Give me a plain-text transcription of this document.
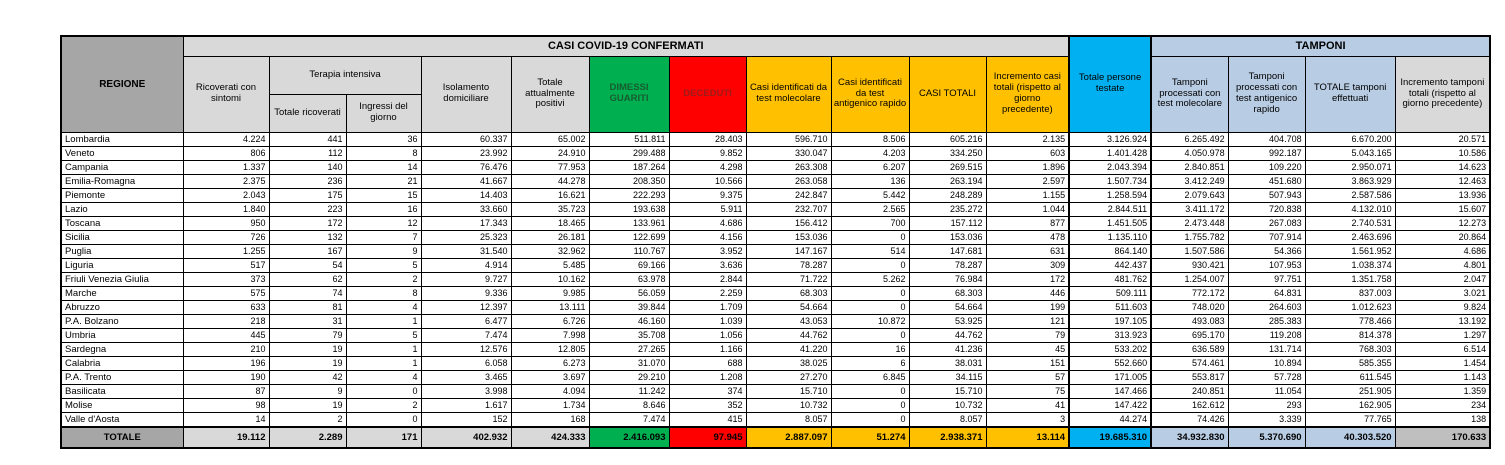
REGIONE	CASI COVID-19 CONFERMATI											Totale persone testate	TAMPONI			
	Ricoverati con sintomi	Terapia intensiva		Isolamento domiciliare	Totale attualmente positivi	DIMESSI GUARITI	DECEDUTI	Casi identificati da test molecolare	Casi identificati da test antigenico rapido	CASI TOTALI	Incremento casi totali (rispetto al giorno precedente)		Tamponi processati con test molecolare	Tamponi processati con test antigenico rapido	TOTALE tamponi effettuati	Incremento tamponi totali (rispetto al giorno precedente)
		Totale ricoverati	Ingressi del giorno													
Lombardia	4.224	441	36	60.337	65.002	511.811	28.403	596.710	8.506	605.216	2.135	3.126.924	6.265.492	404.708	6.670.200	20.571
Veneto	806	112	8	23.992	24.910	299.488	9.852	330.047	4.203	334.250	603	1.401.428	4.050.978	992.187	5.043.165	10.586
Campania	1.337	140	14	76.476	77.953	187.264	4.298	263.308	6.207	269.515	1.896	2.043.394	2.840.851	109.220	2.950.071	14.623
Emilia-Romagna	2.375	236	21	41.667	44.278	208.350	10.566	263.058	136	263.194	2.597	1.507.734	3.412.249	451.680	3.863.929	12.463
Piemonte	2.043	175	15	14.403	16.621	222.293	9.375	242.847	5.442	248.289	1.155	1.258.594	2.079.643	507.943	2.587.586	13.936
Lazio	1.840	223	16	33.660	35.723	193.638	5.911	232.707	2.565	235.272	1.044	2.844.511	3.411.172	720.838	4.132.010	15.607
Toscana	950	172	12	17.343	18.465	133.961	4.686	156.412	700	157.112	877	1.451.505	2.473.448	267.083	2.740.531	12.273
Sicilia	726	132	7	25.323	26.181	122.699	4.156	153.036	0	153.036	478	1.135.110	1.755.782	707.914	2.463.696	20.864
Puglia	1.255	167	9	31.540	32.962	110.767	3.952	147.167	514	147.681	631	864.140	1.507.586	54.366	1.561.952	4.686
Liguria	517	54	5	4.914	5.485	69.166	3.636	78.287	0	78.287	309	442.437	930.421	107.953	1.038.374	4.801
Friuli Venezia Giulia	373	62	2	9.727	10.162	63.978	2.844	71.722	5.262	76.984	172	481.762	1.254.007	97.751	1.351.758	2.047
Marche	575	74	8	9.336	9.985	56.059	2.259	68.303	0	68.303	446	509.111	772.172	64.831	837.003	3.021
Abruzzo	633	81	4	12.397	13.111	39.844	1.709	54.664	0	54.664	199	511.603	748.020	264.603	1.012.623	9.824
P.A. Bolzano	218	31	1	6.477	6.726	46.160	1.039	43.053	10.872	53.925	121	197.105	493.083	285.383	778.466	13.192
Umbria	445	79	5	7.474	7.998	35.708	1.056	44.762	0	44.762	79	313.923	695.170	119.208	814.378	1.297
Sardegna	210	19	1	12.576	12.805	27.265	1.166	41.220	16	41.236	45	533.202	636.589	131.714	768.303	6.514
Calabria	196	19	1	6.058	6.273	31.070	688	38.025	6	38.031	151	552.660	574.461	10.894	585.355	1.454
P.A. Trento	190	42	4	3.465	3.697	29.210	1.208	27.270	6.845	34.115	57	171.005	553.817	57.728	611.545	1.143
Basilicata	87	9	0	3.998	4.094	11.242	374	15.710	0	15.710	75	147.466	240.851	11.054	251.905	1.359
Molise	98	19	2	1.617	1.734	8.646	352	10.732	0	10.732	41	147.422	162.612	293	162.905	234
Valle d'Aosta	14	2	0	152	168	7.474	415	8.057	0	8.057	3	44.274	74.426	3.339	77.765	138
TOTALE	19.112	2.289	171	402.932	424.333	2.416.093	97.945	2.887.097	51.274	2.938.371	13.114	19.685.310	34.932.830	5.370.690	40.303.520	170.633
